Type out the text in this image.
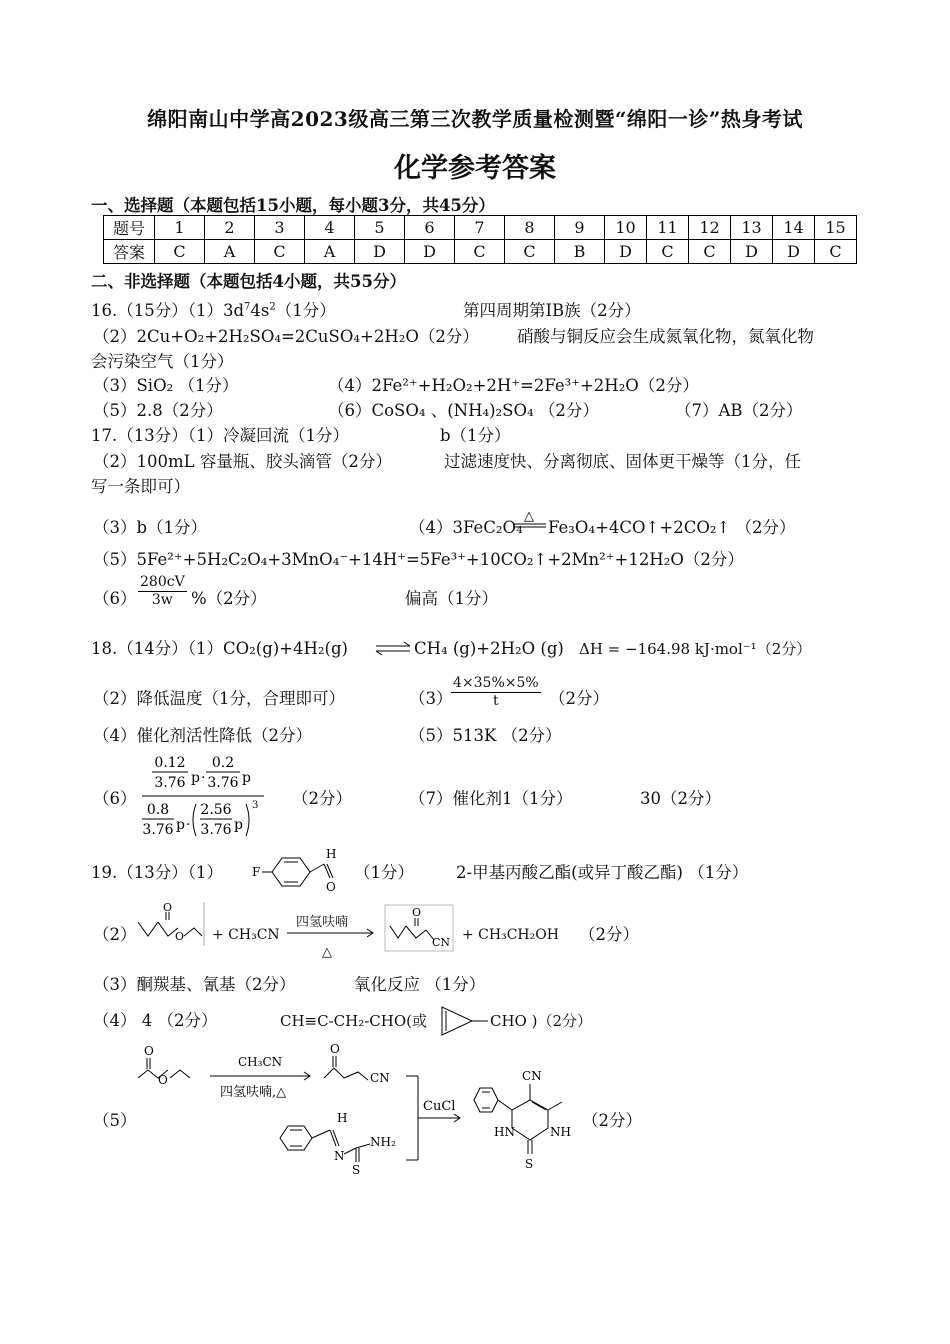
绵阳南山中学高2023级高三第三次教学质量检测暨“绵阳一诊”热身考试
化学参考答案
一、选择题（本题包括15小题，每小题3分，共45分）
题号	1	2	3	4	5	6	7	8	9	10	11	12	13	14	15
答案	C	A	C	A	D	D	C	C	B	D	C	C	D	D	C
二、非选择题（本题包括4小题，共55分）
16.（15分）$(1)3d^74s^2(1$分）	第四周期第ⅠB族（2分）
（2）2Cu+O₂+2H₂SO₄=2CuSO₄+2H₂O（2分） 硝酸与铜反应会生成氮氧化物，氮氧化物
会污染空气（1分）
（3）SiO₂ （1分）	（4）2Fe²⁺+H₂O₂+2H⁺=2Fe³⁺+2H₂O（2分）
（5）2.8（2分）	（6）CoSO₄ 、(NH₄)₂SO₄ （2分）	（7）AB（2分）
17.（13分）（1）冷凝回流（1分）	b（1分）
（2）100mL 容量瓶、胶头滴管（2分）	过滤速度快、分离彻底、固体更干燥等（1分，任
写一条即可）
（3）b（1分）	（4）3FeC₂O₄
△
Fe₃O₄+4CO↑+2CO₂↑ （2分）
（5）5Fe²⁺+5H₂C₂O₄+3MnO₄⁻+14H⁺=5Fe³⁺+10CO₂↑+2Mn²⁺+12H₂O（2分）
$(6) \frac{280cV}{3w} \%(2$分）	偏高（1分）
18.（14分）（1）CO₂(g)+4H₂(g) ⇌ CH₄ (g)+2H₂O (g) ΔH = −164.98 kJ·mol⁻¹（2分）
（2）降低温度（1分，合理即可）	（3）
$\frac{4\times 35\%\times 5\%}{t} (2$分）
（4）催化剂活性降低（2分）	（5）513K （2分）
（6）
0.12
3.76 p ·
0.2
3.76 p
0.8
3.76 p ·
2.56
3.76 p
3 （2分）	（7）催化剂1（1分）	30（2分）
19.（13分）（1） F
H
O
（1分）	2-甲基丙酸乙酯(或异丁酸乙酯) （1分）
（2）
O
O + CH₃CN
四氢呋喃
△
O
CN + CH₃CH₂OH （2分）
（3）酮羰基、氰基（2分）	氧化反应 （1分）
（4） 4 （2分）	CH≡C-CH₂-CHO(或	CHO )（2分）
（5）
O
O
CH₃CN
四氢呋喃,△
O
CN
CuCl
H
N
S
NH₂
CN
HN	NH
S
（2分）
